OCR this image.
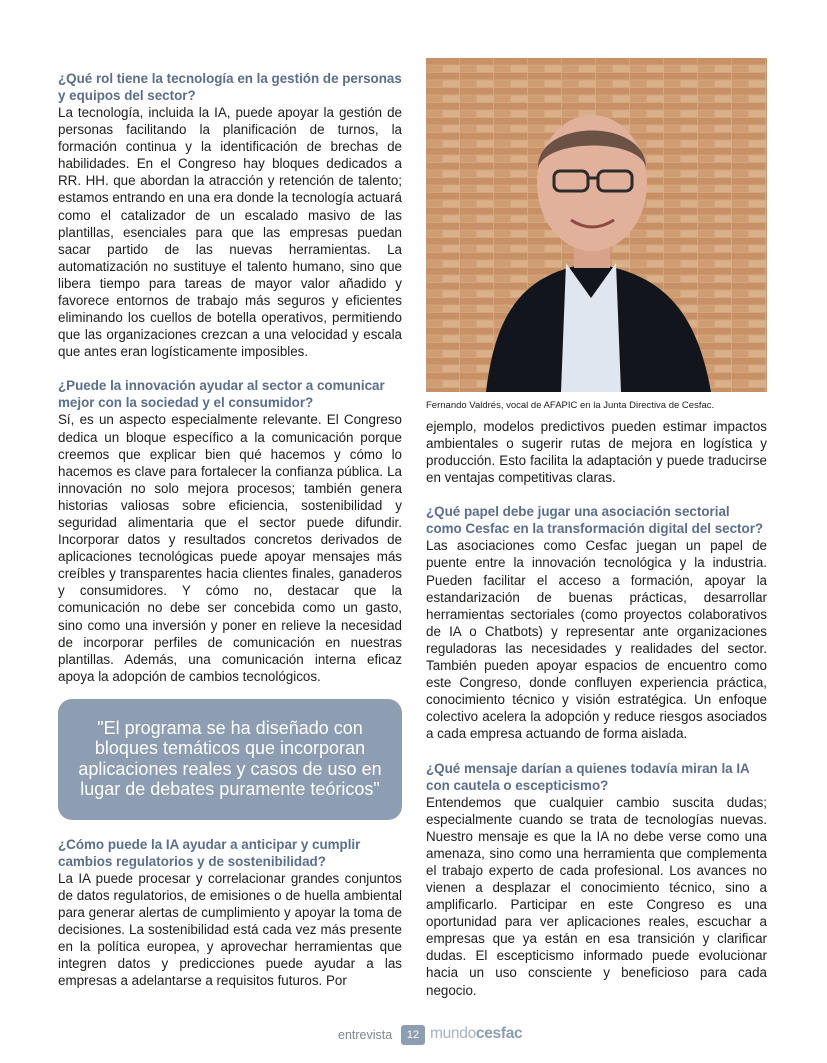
¿Qué rol tiene la tecnología en la gestión de personas y equipos del sector?

La tecnología, incluida la IA, puede apoyar la gestión de personas facilitando la planificación de turnos, la formación continua y la identificación de brechas de habilidades. En el Congreso hay bloques dedicados a RR. HH. que abordan la atracción y retención de talento; estamos entrando en una era donde la tecnología actuará como el catalizador de un escalado masivo de las plantillas, esenciales para que las empresas puedan sacar partido de las nuevas herramientas. La automatización no sustituye el talento humano, sino que libera tiempo para tareas de mayor valor añadido y favorece entornos de trabajo más seguros y eficientes eliminando los cuellos de botella operativos, permitiendo que las organizaciones crezcan a una velocidad y escala que antes eran logísticamente imposibles.

¿Puede la innovación ayudar al sector a comunicar mejor con la sociedad y el consumidor?

Sí, es un aspecto especialmente relevante. El Congreso dedica un bloque específico a la comunicación porque creemos que explicar bien qué hacemos y cómo lo hacemos es clave para fortalecer la confianza pública. La innovación no solo mejora procesos; también genera historias valiosas sobre eficiencia, sostenibilidad y seguridad alimentaria que el sector puede difundir. Incorporar datos y resultados concretos derivados de aplicaciones tecnológicas puede apoyar mensajes más creíbles y transparentes hacia clientes finales, ganaderos y consumidores. Y cómo no, destacar que la comunicación no debe ser concebida como un gasto, sino como una inversión y poner en relieve la necesidad de incorporar perfiles de comunicación en nuestras plantillas. Además, una comunicación interna eficaz apoya la adopción de cambios tecnológicos.

"El programa se ha diseñado con bloques temáticos que incorporan aplicaciones reales y casos de uso en lugar de debates puramente teóricos"

¿Cómo puede la IA ayudar a anticipar y cumplir cambios regulatorios y de sostenibilidad?

La IA puede procesar y correlacionar grandes conjuntos de datos regulatorios, de emisiones o de huella ambiental para generar alertas de cumplimiento y apoyar la toma de decisiones. La sostenibilidad está cada vez más presente en la política europea, y aprovechar herramientas que integren datos y predicciones puede ayudar a las empresas a adelantarse a requisitos futuros. Por

Fernando Valdrés, vocal de AFAPIC en la Junta Directiva de Cesfac.

ejemplo, modelos predictivos pueden estimar impactos ambientales o sugerir rutas de mejora en logística y producción. Esto facilita la adaptación y puede traducirse en ventajas competitivas claras.

¿Qué papel debe jugar una asociación sectorial como Cesfac en la transformación digital del sector?

Las asociaciones como Cesfac juegan un papel de puente entre la innovación tecnológica y la industria. Pueden facilitar el acceso a formación, apoyar la estandarización de buenas prácticas, desarrollar herramientas sectoriales (como proyectos colaborativos de IA o Chatbots) y representar ante organizaciones reguladoras las necesidades y realidades del sector. También pueden apoyar espacios de encuentro como este Congreso, donde confluyen experiencia práctica, conocimiento técnico y visión estratégica. Un enfoque colectivo acelera la adopción y reduce riesgos asociados a cada empresa actuando de forma aislada.

¿Qué mensaje darían a quienes todavía miran la IA con cautela o escepticismo?

Entendemos que cualquier cambio suscita dudas; especialmente cuando se trata de tecnologías nuevas. Nuestro mensaje es que la IA no debe verse como una amenaza, sino como una herramienta que complementa el trabajo experto de cada profesional. Los avances no vienen a desplazar el conocimiento técnico, sino a amplificarlo. Participar en este Congreso es una oportunidad para ver aplicaciones reales, escuchar a empresas que ya están en esa transición y clarificar dudas. El escepticismo informado puede evolucionar hacia un uso consciente y beneficioso para cada negocio.

entrevista	12 mundocesfac
